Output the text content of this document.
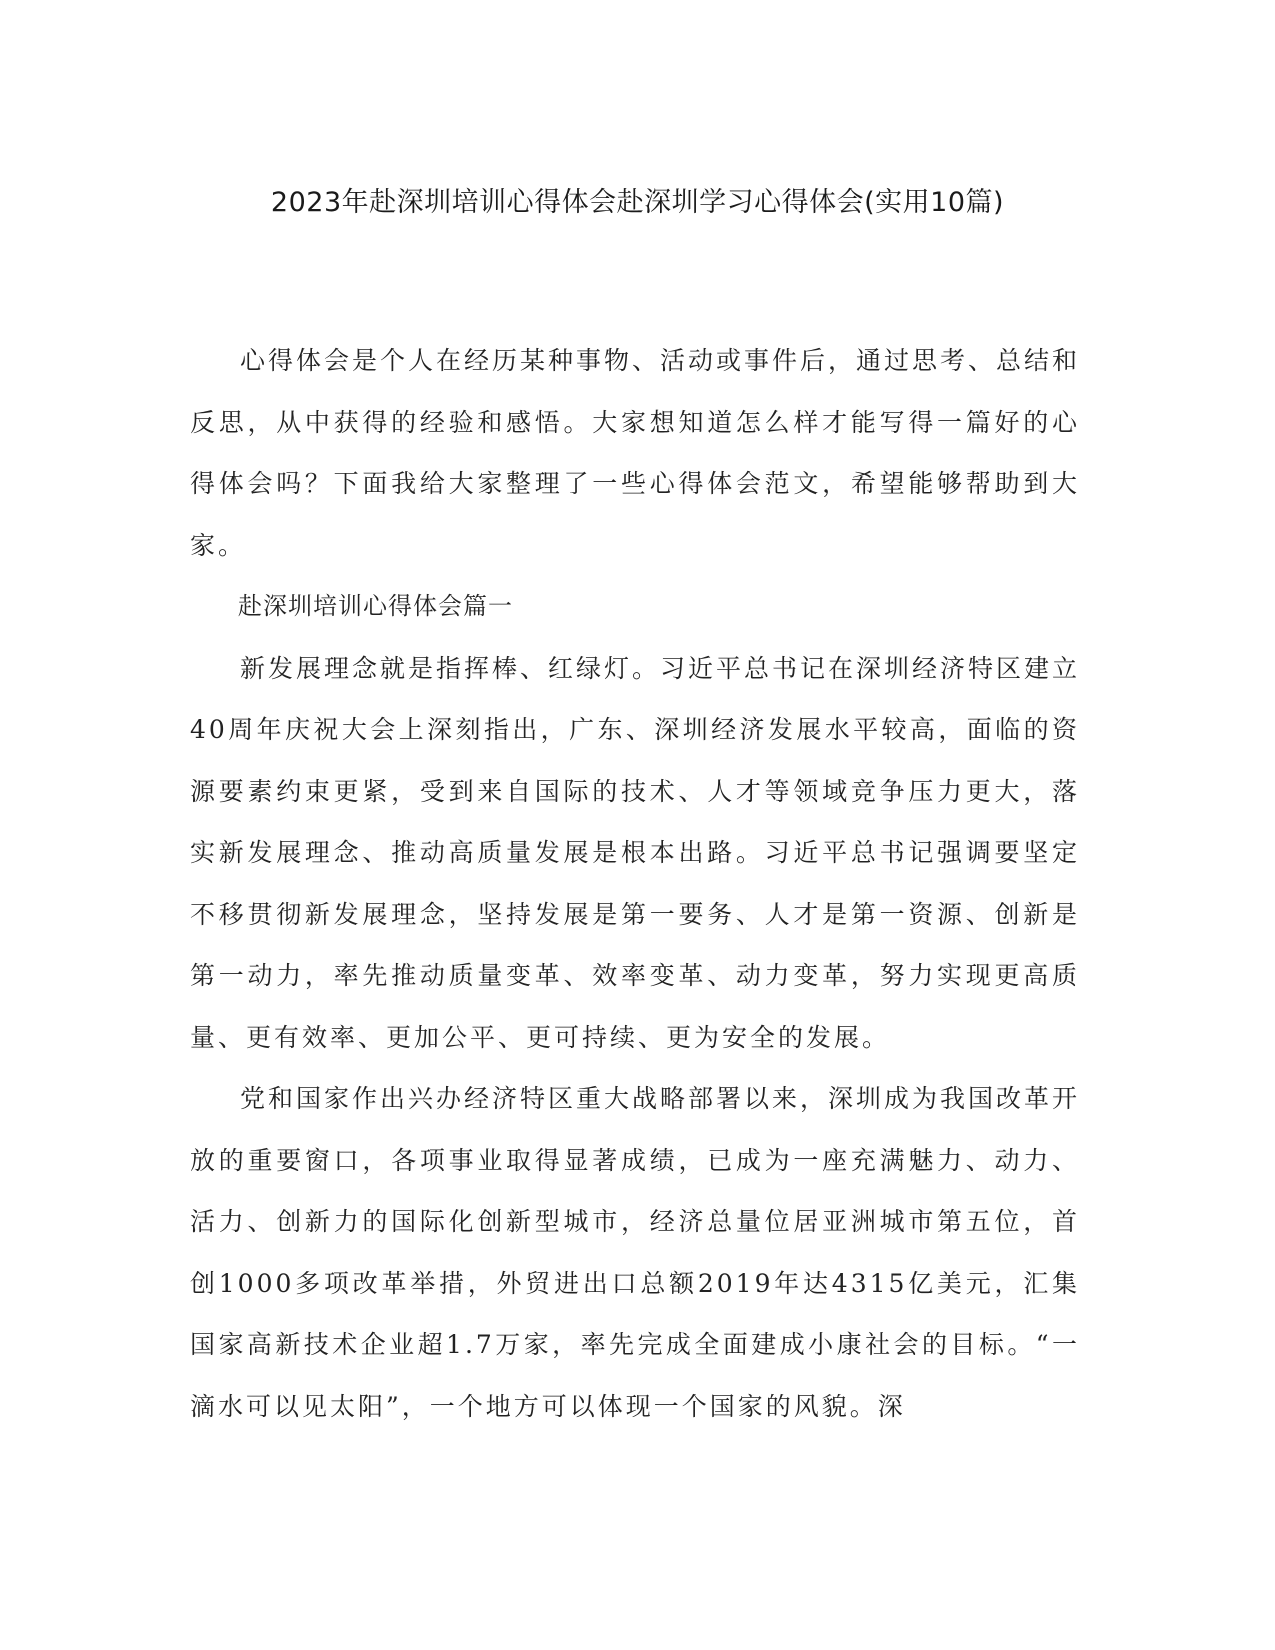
2023年赴深圳培训心得体会赴深圳学习心得体会(实用10篇)

心得体会是个人在经历某种事物、活动或事件后，通过思考、总结和反思，从中获得的经验和感悟。大家想知道怎么样才能写得一篇好的心得体会吗？下面我给大家整理了一些心得体会范文，希望能够帮助到大家。

赴深圳培训心得体会篇一

新发展理念就是指挥棒、红绿灯。习近平总书记在深圳经济特区建立40周年庆祝大会上深刻指出，广东、深圳经济发展水平较高，面临的资源要素约束更紧，受到来自国际的技术、人才等领域竞争压力更大，落实新发展理念、推动高质量发展是根本出路。习近平总书记强调要坚定不移贯彻新发展理念，坚持发展是第一要务、人才是第一资源、创新是第一动力，率先推动质量变革、效率变革、动力变革，努力实现更高质量、更有效率、更加公平、更可持续、更为安全的发展。

党和国家作出兴办经济特区重大战略部署以来，深圳成为我国改革开放的重要窗口，各项事业取得显著成绩，已成为一座充满魅力、动力、活力、创新力的国际化创新型城市，经济总量位居亚洲城市第五位，首创1000多项改革举措，外贸进出口总额2019年达4315亿美元，汇集国家高新技术企业超1.7万家，率先完成全面建成小康社会的目标。“一滴水可以见太阳”，一个地方可以体现一个国家的风貌。深
